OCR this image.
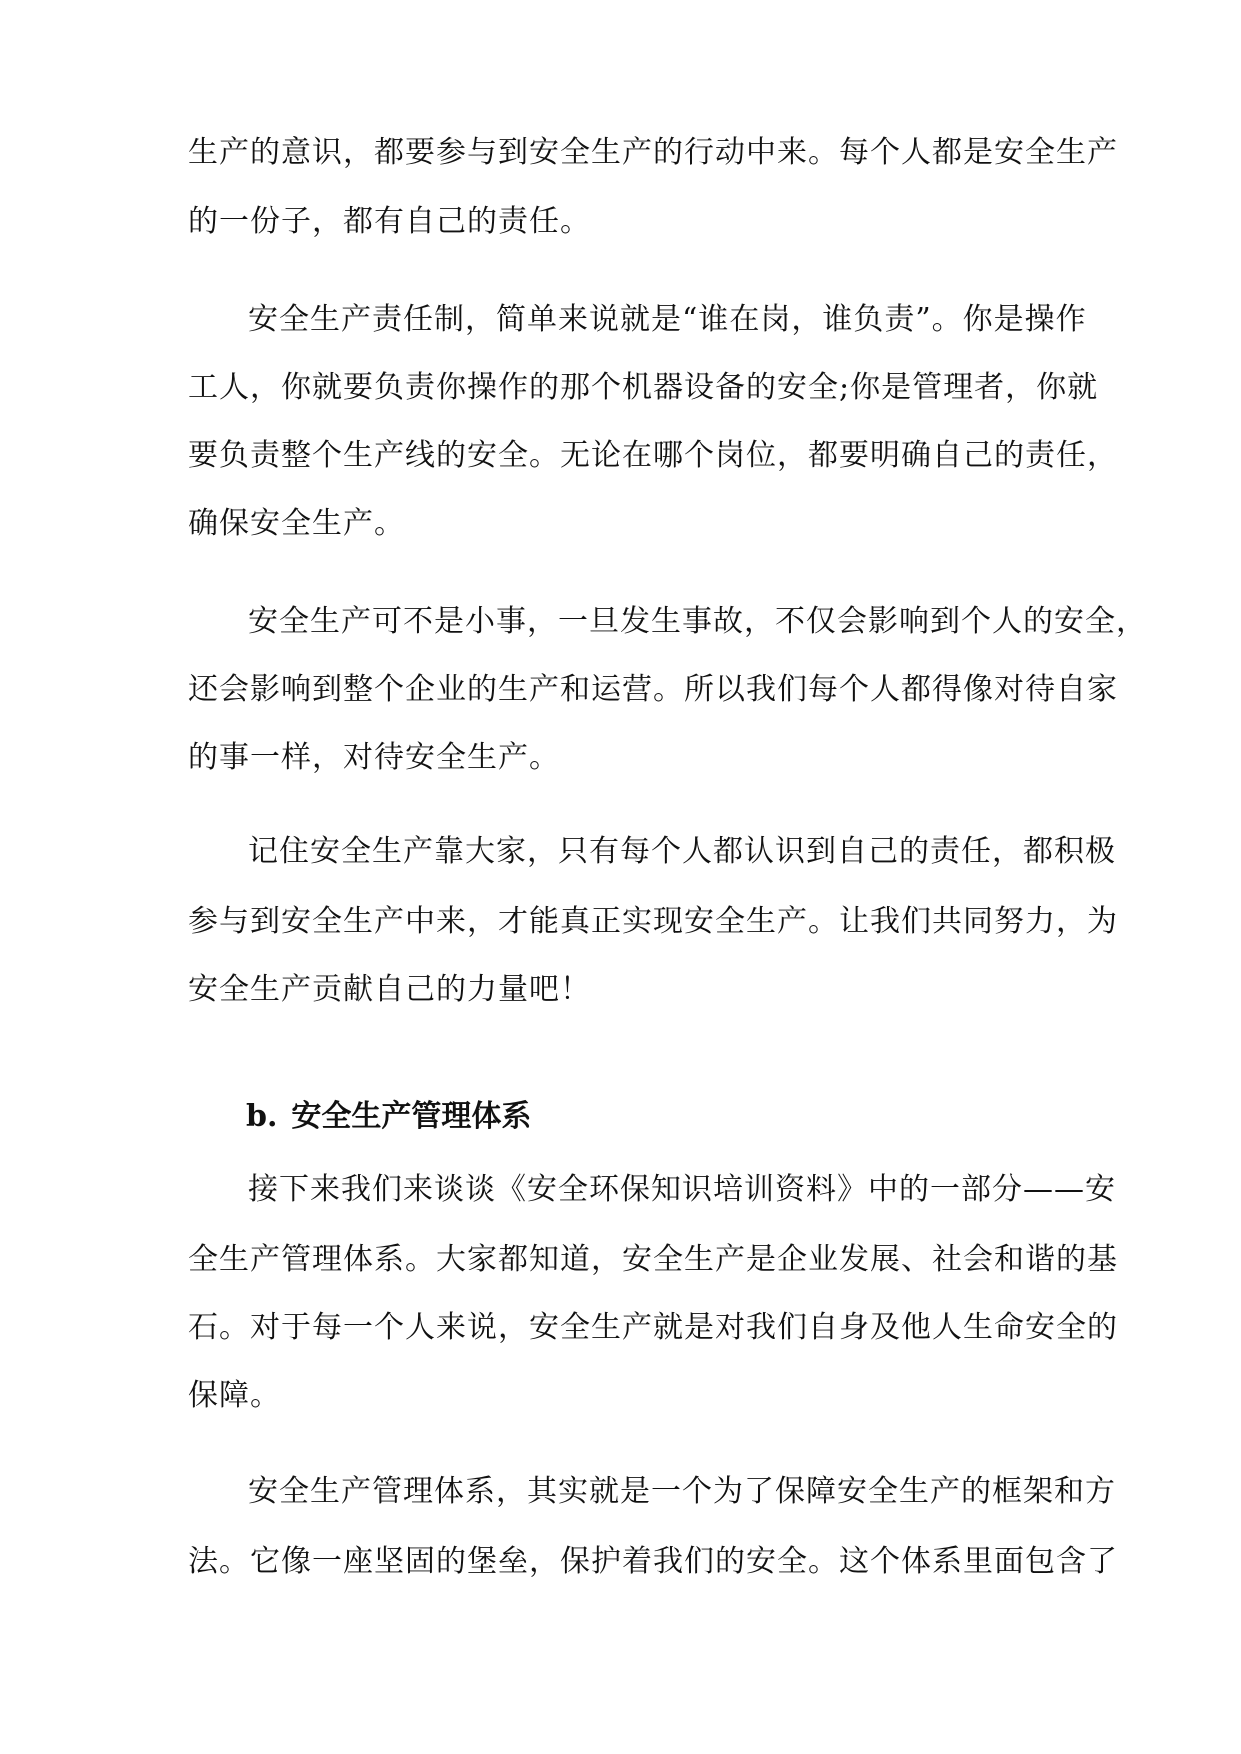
生产的意识，都要参与到安全生产的行动中来。每个人都是安全生产
的一份子，都有自己的责任。
安全生产责任制，简单来说就是“谁在岗，谁负责”。你是操作
工人，你就要负责你操作的那个机器设备的安全;你是管理者，你就
要负责整个生产线的安全。无论在哪个岗位，都要明确自己的责任，
确保安全生产。
安全生产可不是小事，一旦发生事故，不仅会影响到个人的安全，
还会影响到整个企业的生产和运营。所以我们每个人都得像对待自家
的事一样，对待安全生产。
记住安全生产靠大家，只有每个人都认识到自己的责任，都积极
参与到安全生产中来，才能真正实现安全生产。让我们共同努力，为
安全生产贡献自己的力量吧！
b. 安全生产管理体系
接下来我们来谈谈《安全环保知识培训资料》中的一部分——安
全生产管理体系。大家都知道，安全生产是企业发展、社会和谐的基
石。对于每一个人来说，安全生产就是对我们自身及他人生命安全的
保障。
安全生产管理体系，其实就是一个为了保障安全生产的框架和方
法。它像一座坚固的堡垒，保护着我们的安全。这个体系里面包含了
